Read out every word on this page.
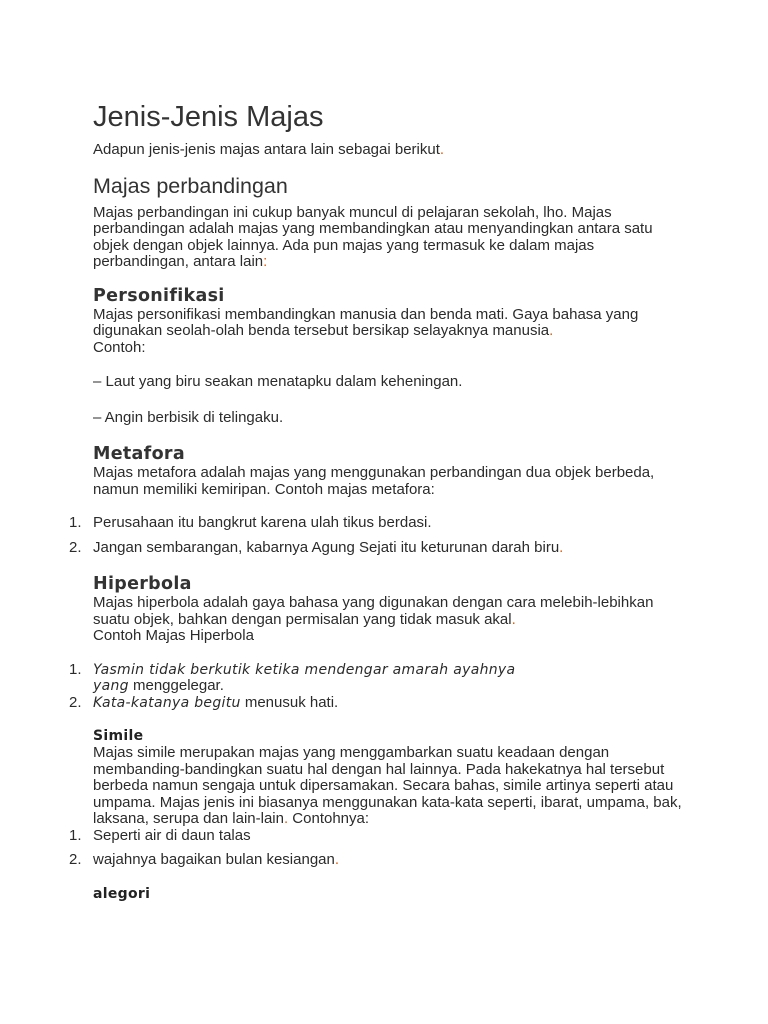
Jenis-Jenis Majas

Adapun jenis-jenis majas antara lain sebagai berikut.

Majas perbandingan

Majas perbandingan ini cukup banyak muncul di pelajaran sekolah, lho. Majas perbandingan adalah majas yang membandingkan atau menyandingkan antara satu objek dengan objek lainnya. Ada pun majas yang termasuk ke dalam majas perbandingan, antara lain:

Personifikasi

Majas personifikasi membandingkan manusia dan benda mati. Gaya bahasa yang digunakan seolah-olah benda tersebut bersikap selayaknya manusia.

Contoh:

– Laut yang biru seakan menatapku dalam keheningan.

– Angin berbisik di telingaku.

Metafora

Majas metafora adalah majas yang menggunakan perbandingan dua objek berbeda, namun memiliki kemiripan. Contoh majas metafora:

1. Perusahaan itu bangkrut karena ulah tikus berdasi.
2. Jangan sembarangan, kabarnya Agung Sejati itu keturunan darah biru.
Hiperbola

Majas hiperbola adalah gaya bahasa yang digunakan dengan cara melebih-lebihkan suatu objek, bahkan dengan permisalan yang tidak masuk akal.

Contoh Majas Hiperbola

1. Yasmin tidak berkutik ketika mendengar amarah ayahnya yang menggelegar.
2. Kata-katanya begitu menusuk hati.
Simile

Majas simile merupakan majas yang menggambarkan suatu keadaan dengan membanding-bandingkan suatu hal dengan hal lainnya. Pada hakekatnya hal tersebut berbeda namun sengaja untuk dipersamakan. Secara bahas, simile artinya seperti atau umpama. Majas jenis ini biasanya menggunakan kata-kata seperti, ibarat, umpama, bak, laksana, serupa dan lain-lain. Contohnya:

1. Seperti air di daun talas
2. wajahnya bagaikan bulan kesiangan.
alegori
